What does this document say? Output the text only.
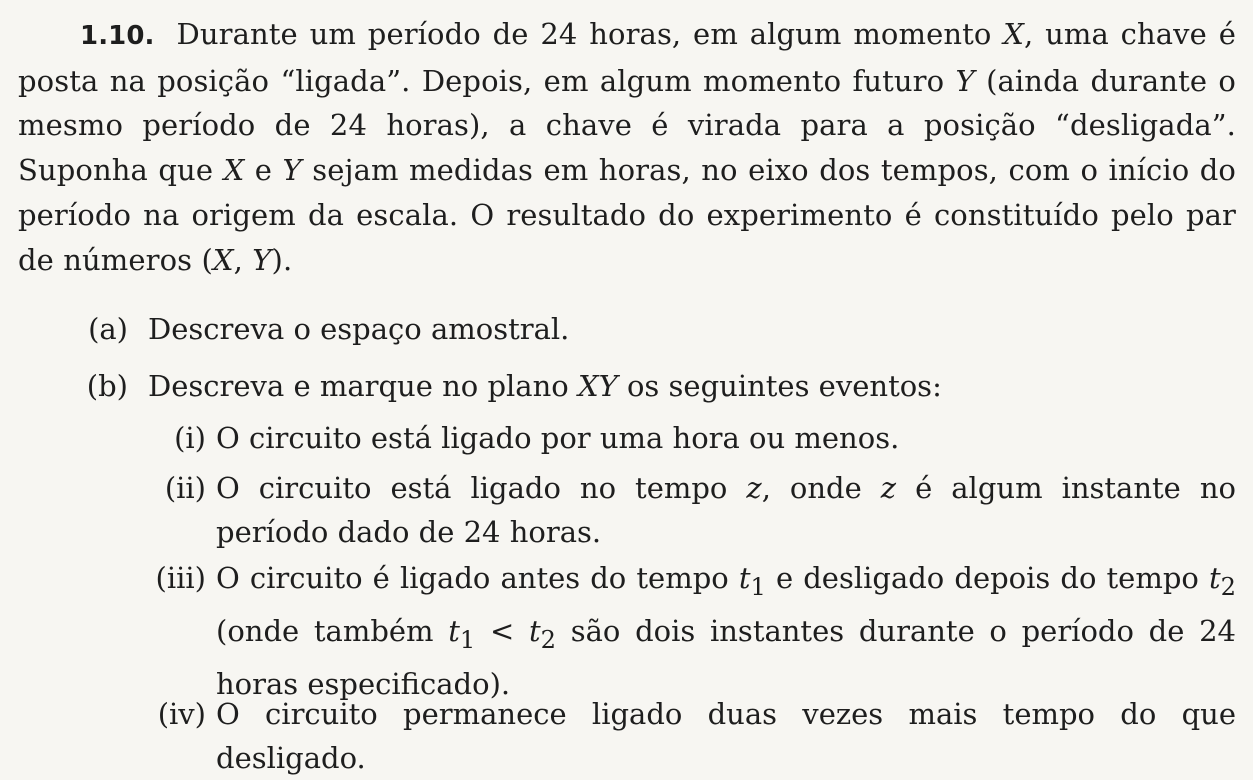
1.10. Durante um período de 24 horas, em algum momento X, uma chave é posta na posição “ligada”. Depois, em algum momento futuro Y (ainda durante o mesmo período de 24 horas), a chave é virada para a posição “desligada”. Suponha que X e Y sejam medidas em horas, no eixo dos tempos, com o início do período na origem da escala. O resultado do experimento é constituído pelo par de números (X, Y).
(a) Descreva o espaço amostral.
(b) Descreva e marque no plano XY os seguintes eventos:
(i) O circuito está ligado por uma hora ou menos.
(ii) O circuito está ligado no tempo z, onde z é algum instante no período dado de 24 horas.
(iii) O circuito é ligado antes do tempo $t_1$ e desligado depois do tempo $t_2$ (onde também $t_1 < t_2$ são dois instantes durante o período de 24 horas especificado).
(iv) O circuito permanece ligado duas vezes mais tempo do que desligado.
